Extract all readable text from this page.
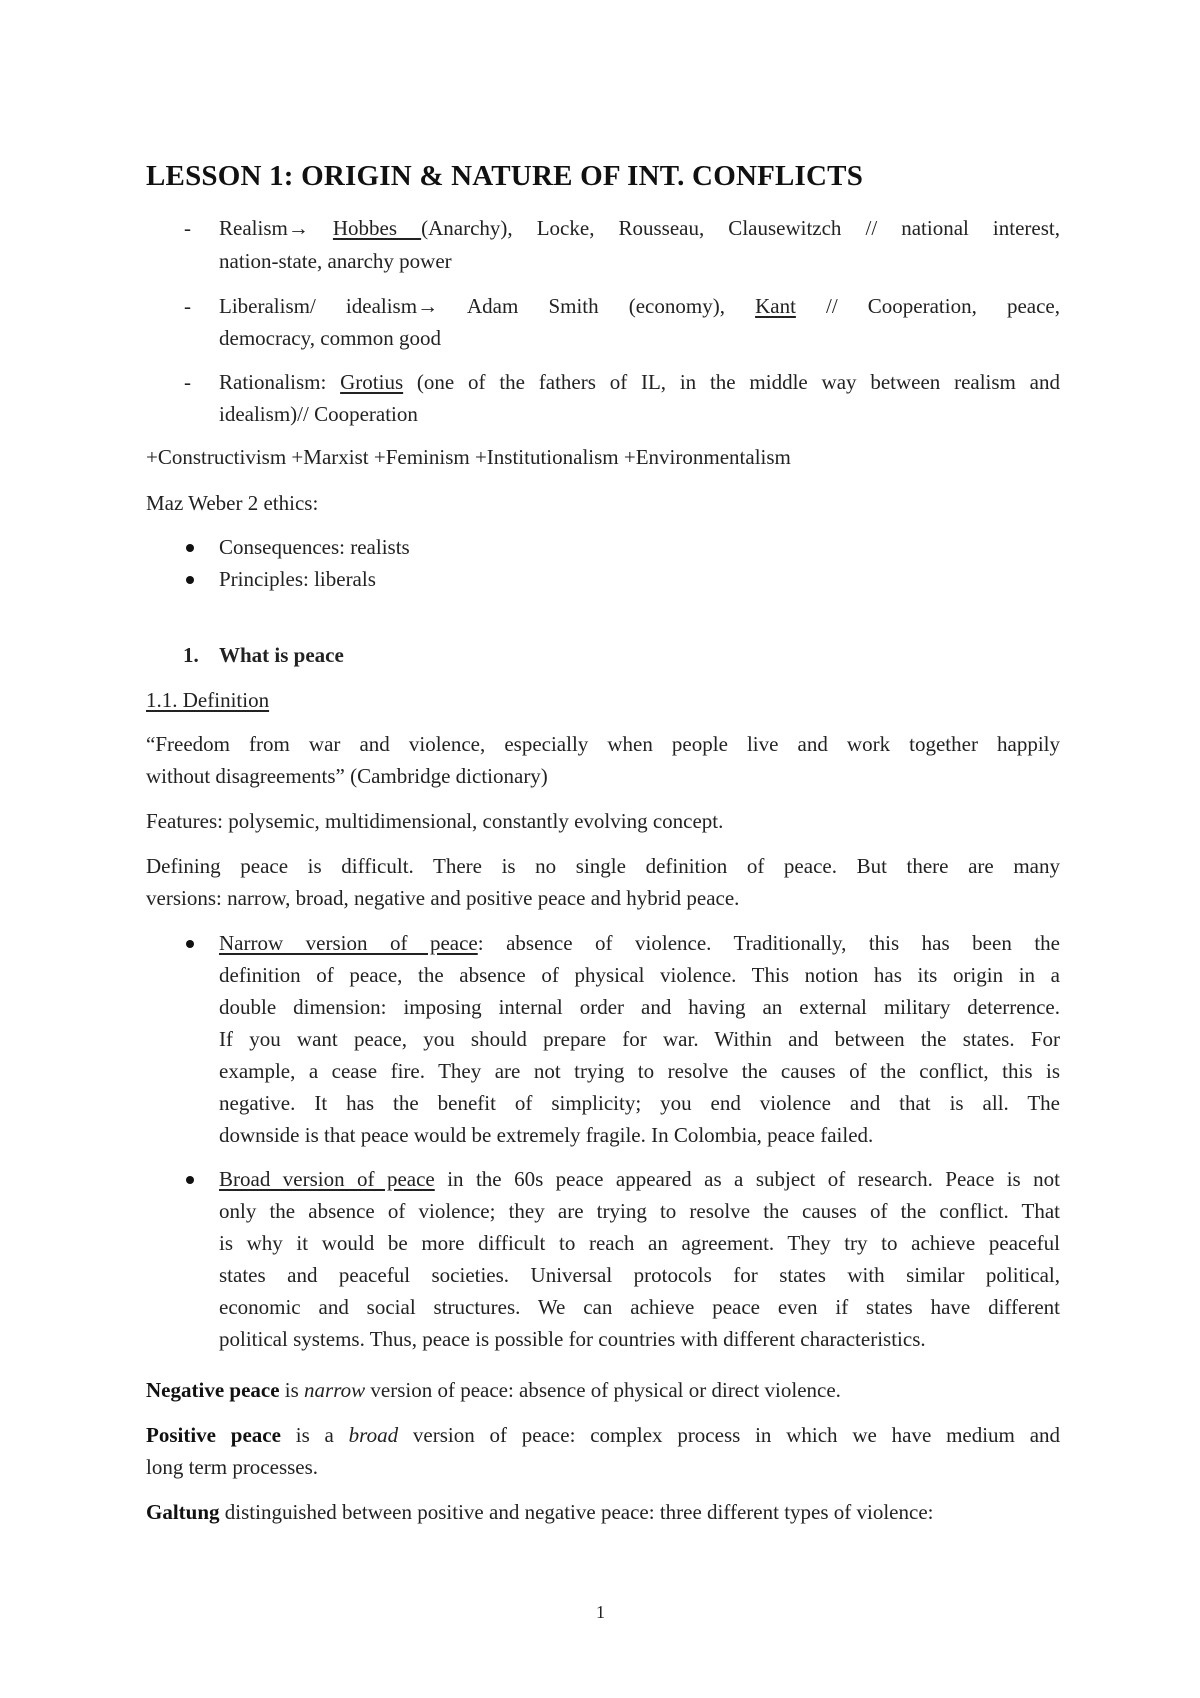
LESSON 1: ORIGIN & NATURE OF INT. CONFLICTS
- Realism→ Hobbes (Anarchy), Locke, Rousseau, Clausewitzch // national interest,
nation-state, anarchy power
- Liberalism/ idealism→ Adam Smith (economy), Kant // Cooperation, peace,
democracy, common good
- Rationalism: Grotius (one of the fathers of IL, in the middle way between realism and
idealism)// Cooperation
+Constructivism +Marxist +Feminism +Institutionalism +Environmentalism
Maz Weber 2 ethics:
Consequences: realists
Principles: liberals
1. What is peace
1.1. Definition
“Freedom from war and violence, especially when people live and work together happily
without disagreements” (Cambridge dictionary)
Features: polysemic, multidimensional, constantly evolving concept.
Defining peace is difficult. There is no single definition of peace. But there are many
versions: narrow, broad, negative and positive peace and hybrid peace.
Narrow version of peace: absence of violence. Traditionally, this has been the
definition of peace, the absence of physical violence. This notion has its origin in a
double dimension: imposing internal order and having an external military deterrence.
If you want peace, you should prepare for war. Within and between the states. For
example, a cease fire. They are not trying to resolve the causes of the conflict, this is
negative. It has the benefit of simplicity; you end violence and that is all. The
downside is that peace would be extremely fragile. In Colombia, peace failed.
Broad version of peace in the 60s peace appeared as a subject of research. Peace is not
only the absence of violence; they are trying to resolve the causes of the conflict. That
is why it would be more difficult to reach an agreement. They try to achieve peaceful
states and peaceful societies. Universal protocols for states with similar political,
economic and social structures. We can achieve peace even if states have different
political systems. Thus, peace is possible for countries with different characteristics.
Negative peace is narrow version of peace: absence of physical or direct violence.
Positive peace is a broad version of peace: complex process in which we have medium and
long term processes.
Galtung distinguished between positive and negative peace: three different types of violence:
1
